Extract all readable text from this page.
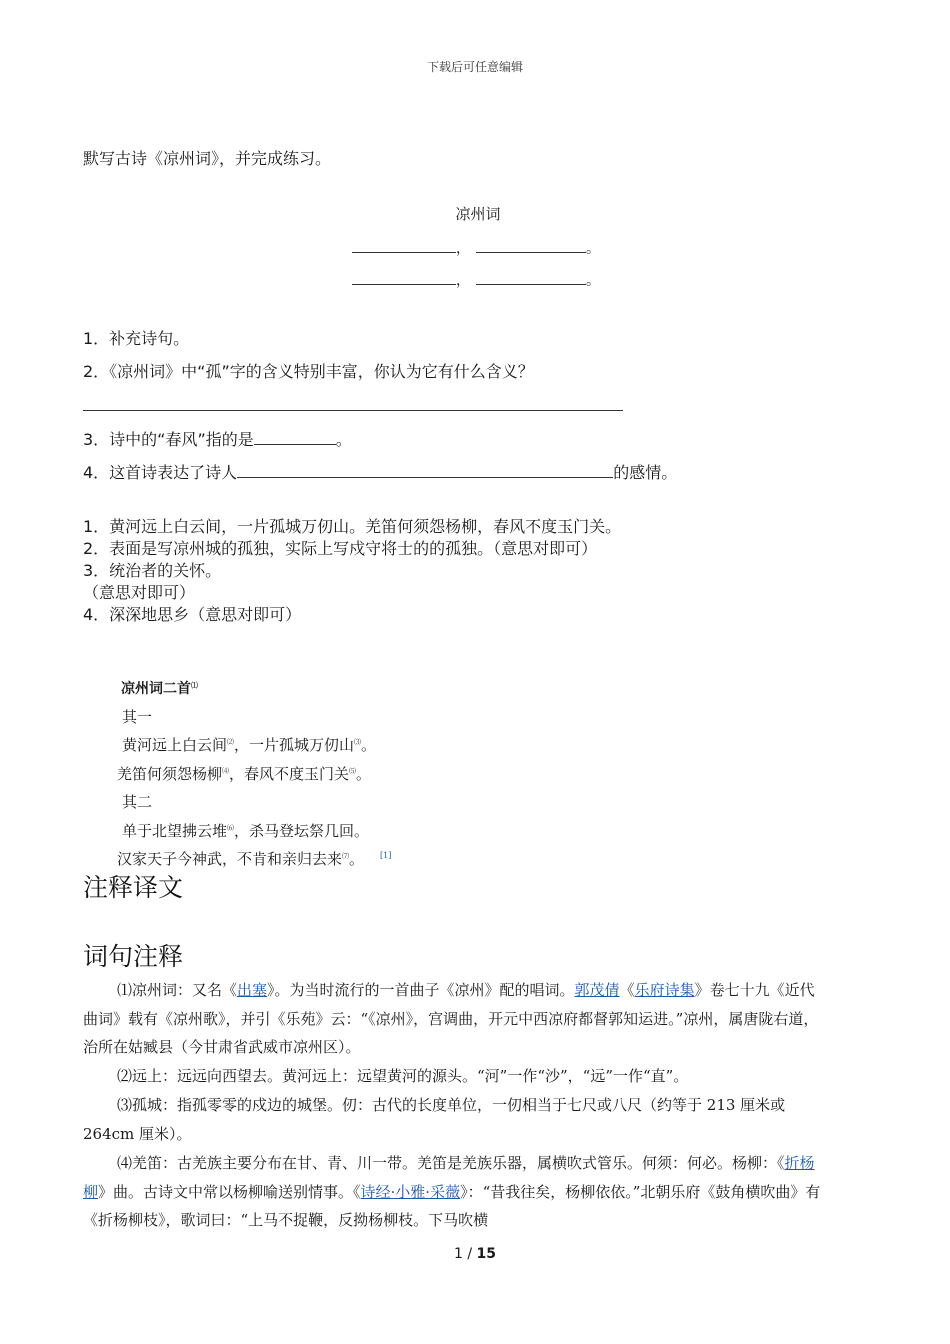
下载后可任意编辑
默写古诗《凉州词》，并完成练习。
凉州词
，	。
，	。
1．补充诗句。
2．《凉州词》中“孤”字的含义特别丰富，你认为它有什么含义？
3．诗中的“春风”指的是	。
4．这首诗表达了诗人	的感情。
1．黄河远上白云间，一片孤城万仞山。羌笛何须怨杨柳，春风不度玉门关。
2．表面是写凉州城的孤独，实际上写戍守将士的的孤独。（意思对即可）
3．统治者的关怀。
（意思对即可）
4．深深地思乡（意思对即可）
凉州词二首⑴
其一
黄河远上白云间⑵，一片孤城万仞山⑶。
羌笛何须怨杨柳⑷，春风不度玉门关⑸。
其二
单于北望拂云堆⑹，杀马登坛祭几回。
汉家天子今神武，不肯和亲归去来⑺。 [1]
注释译文
词句注释
⑴凉州词：又名《出塞》。为当时流行的一首曲子《凉州》配的唱词。郭茂倩《乐府诗集》卷七十九《近代曲词》载有《凉州歌》，并引《乐苑》云：“《凉州》，宫调曲，开元中西凉府都督郭知运进。”凉州，属唐陇右道，治所在姑臧县（今甘肃省武威市凉州区）。
⑵远上：远远向西望去。黄河远上：远望黄河的源头。“河”一作“沙”，“远”一作“直”。
⑶孤城：指孤零零的戍边的城堡。仞：古代的长度单位，一仞相当于七尺或八尺（约等于 213 厘米或 264cm 厘米）。
⑷羌笛：古羌族主要分布在甘、青、川一带。羌笛是羌族乐器，属横吹式管乐。何须：何必。杨柳：《折杨柳》曲。古诗文中常以杨柳喻送别情事。《诗经·小雅·采薇》：“昔我往矣，杨柳依依。”北朝乐府《鼓角横吹曲》有《折杨柳枝》，歌词曰：“上马不捉鞭，反拗杨柳枝。下马吹横
1 / 15
